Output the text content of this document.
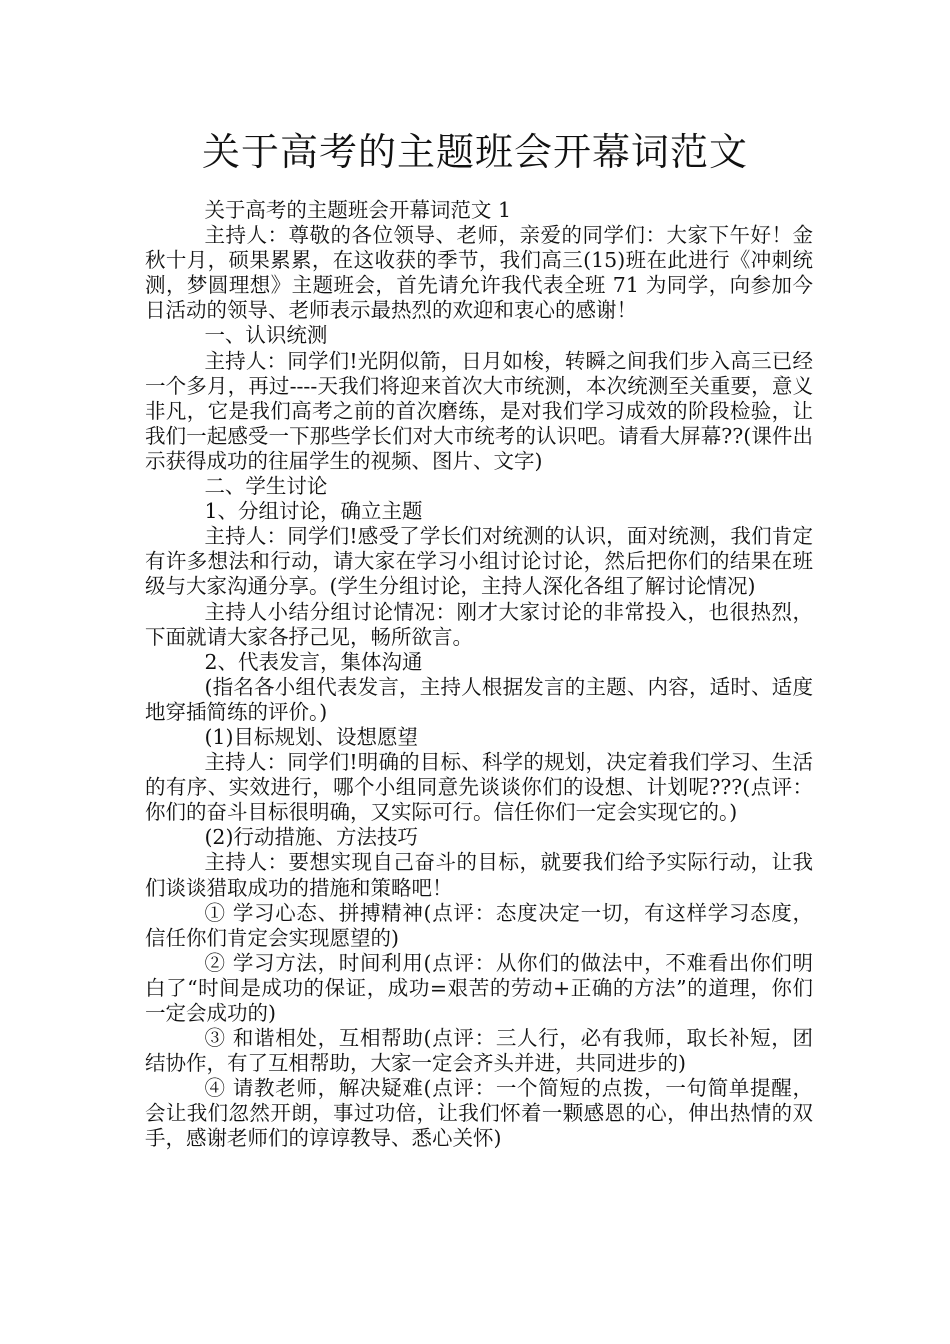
关于高考的主题班会开幕词范文

关于高考的主题班会开幕词范文 1

主持人：尊敬的各位领导、老师，亲爱的同学们：大家下午好！金秋十月，硕果累累，在这收获的季节，我们高三(15)班在此进行《冲刺统测，梦圆理想》主题班会，首先请允许我代表全班 71 为同学，向参加今日活动的领导、老师表示最热烈的欢迎和衷心的感谢！

一、认识统测

主持人：同学们!光阴似箭，日月如梭，转瞬之间我们步入高三已经一个多月，再过----天我们将迎来首次大市统测，本次统测至关重要，意义非凡，它是我们高考之前的首次磨练，是对我们学习成效的阶段检验，让我们一起感受一下那些学长们对大市统考的认识吧。请看大屏幕??(课件出示获得成功的往届学生的视频、图片、文字)

二、学生讨论

1、分组讨论，确立主题

主持人：同学们!感受了学长们对统测的认识，面对统测，我们肯定有许多想法和行动，请大家在学习小组讨论讨论，然后把你们的结果在班级与大家沟通分享。(学生分组讨论，主持人深化各组了解讨论情况)

主持人小结分组讨论情况：刚才大家讨论的非常投入，也很热烈，下面就请大家各抒己见，畅所欲言。

2、代表发言，集体沟通

(指名各小组代表发言，主持人根据发言的主题、内容，适时、适度地穿插简练的评价。)

(1)目标规划、设想愿望

主持人：同学们!明确的目标、科学的规划，决定着我们学习、生活的有序、实效进行，哪个小组同意先谈谈你们的设想、计划呢???(点评：你们的奋斗目标很明确，又实际可行。信任你们一定会实现它的。)

(2)行动措施、方法技巧

主持人：要想实现自己奋斗的目标，就要我们给予实际行动，让我们谈谈猎取成功的措施和策略吧！

① 学习心态、拼搏精神(点评：态度决定一切，有这样学习态度，信任你们肯定会实现愿望的)

② 学习方法，时间利用(点评：从你们的做法中，不难看出你们明白了“时间是成功的保证，成功=艰苦的劳动+正确的方法”的道理，你们一定会成功的)

③ 和谐相处，互相帮助(点评：三人行，必有我师，取长补短，团结协作，有了互相帮助，大家一定会齐头并进，共同进步的)

④ 请教老师，解决疑难(点评：一个简短的点拨，一句简单提醒，会让我们忽然开朗，事过功倍，让我们怀着一颗感恩的心，伸出热情的双手，感谢老师们的谆谆教导、悉心关怀)
